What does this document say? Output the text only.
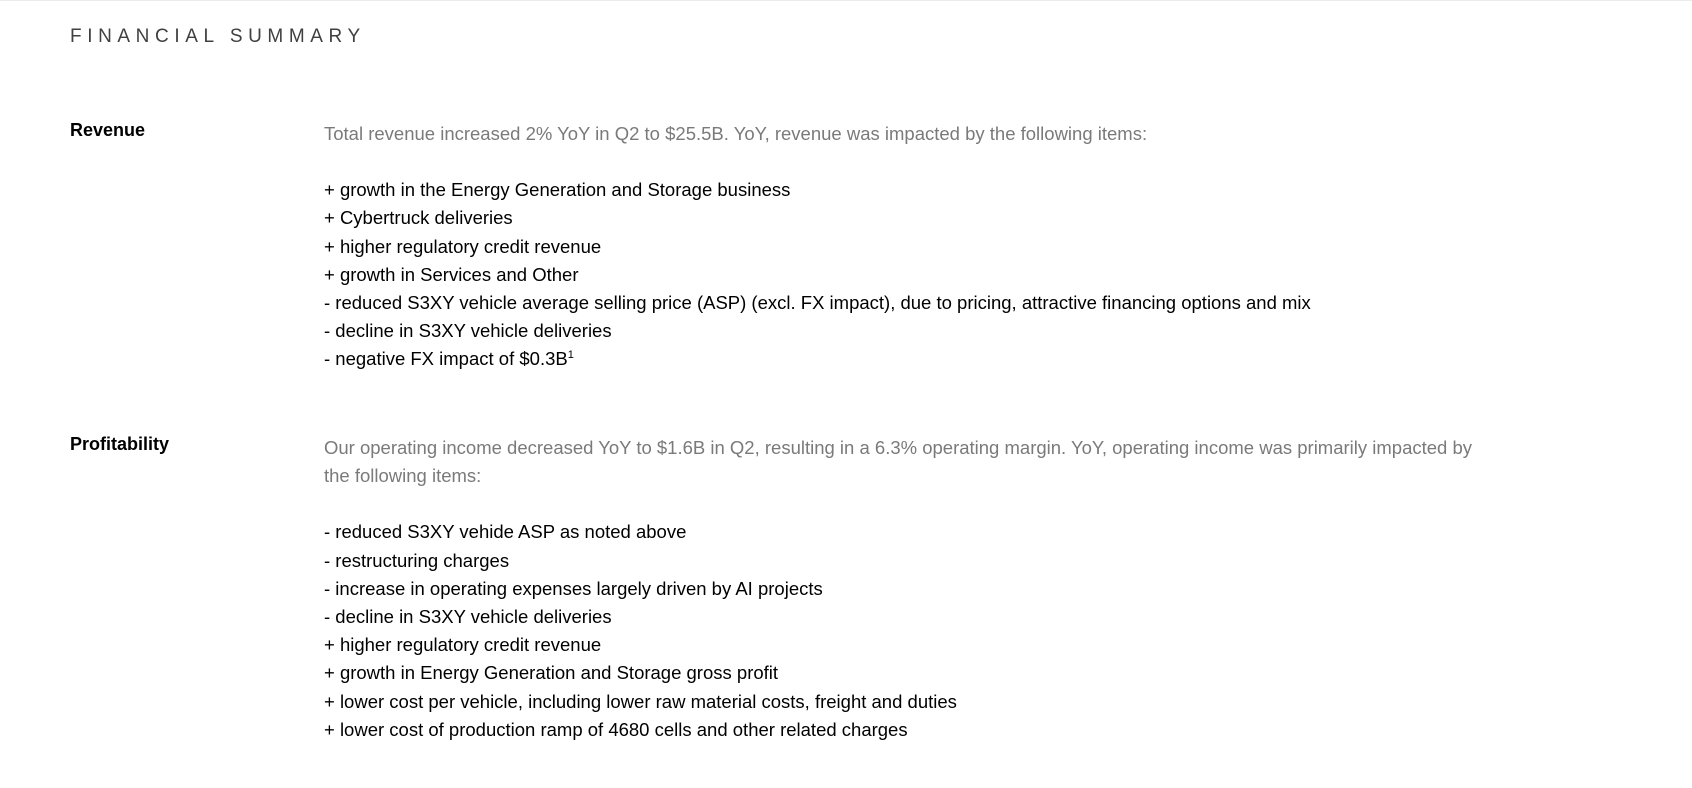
FINANCIAL SUMMARY
Revenue	Total revenue increased 2% YoY in Q2 to $25.5B. YoY, revenue was impacted by the following items:

+ growth in the Energy Generation and Storage business
+ Cybertruck deliveries
+ higher regulatory credit revenue
+ growth in Services and Other
- reduced S3XY vehicle average selling price (ASP) (excl. FX impact), due to pricing, attractive financing options and mix
- decline in S3XY vehicle deliveries
- negative FX impact of $\$0.3B^1$
Profitability	Our operating income decreased YoY to $1.6B in Q2, resulting in a 6.3% operating margin. YoY, operating income was primarily impacted by the following items:

- reduced S3XY vehide ASP as noted above
- restructuring charges
- increase in operating expenses largely driven by AI projects
- decline in S3XY vehicle deliveries
+ higher regulatory credit revenue
+ growth in Energy Generation and Storage gross profit
+ lower cost per vehicle, including lower raw material costs, freight and duties
+ lower cost of production ramp of 4680 cells and other related charges
